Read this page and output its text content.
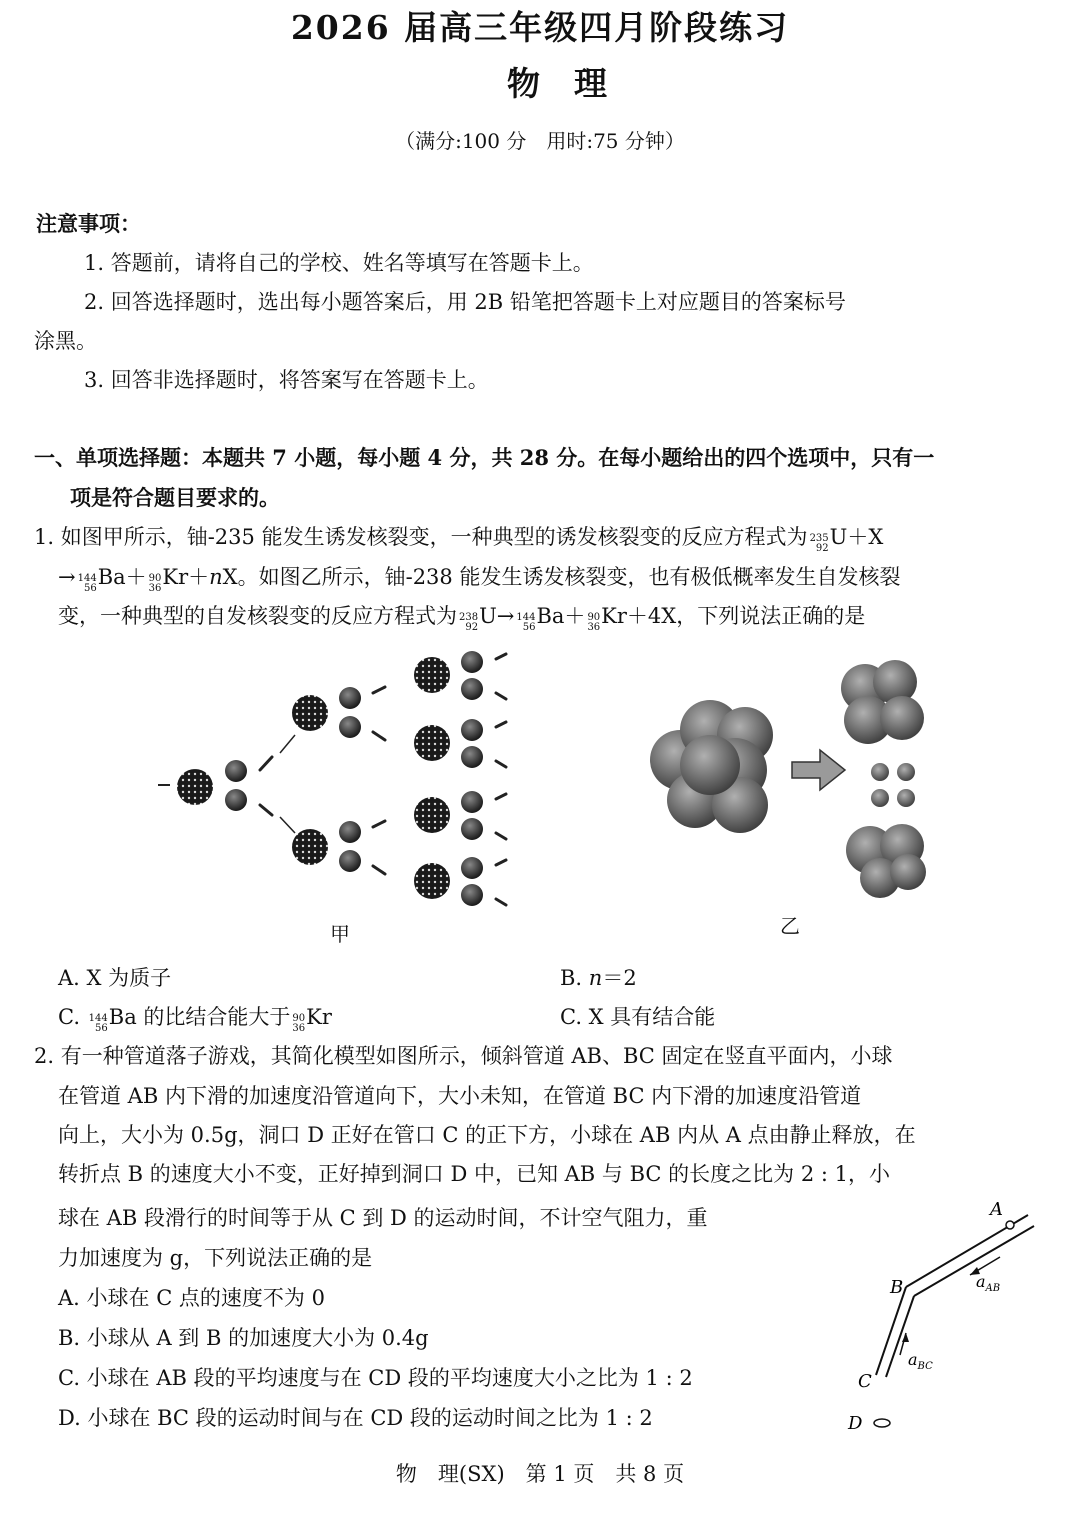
2026 届高三年级四月阶段练习
物理
（满分:100 分　用时:75 分钟）
注意事项：
1. 答题前，请将自己的学校、姓名等填写在答题卡上。
2. 回答选择题时，选出每小题答案后，用 2B 铅笔把答题卡上对应题目的答案标号
涂黑。
3. 回答非选择题时，将答案写在答题卡上。
一、单项选择题：本题共 7 小题，每小题 4 分，共 28 分。在每小题给出的四个选项中，只有一
项是符合题目要求的。
1. 如图甲所示，铀-235 能发生诱发核裂变，一种典型的诱发核裂变的反应方程式为 235
92 U＋X
→ 144
56 Ba＋ 90
36 Kr＋nX。如图乙所示，铀-238 能发生诱发核裂变，也有极低概率发生自发核裂
变，一种典型的自发核裂变的反应方程式为 238
92 U→ 144
56 Ba＋ 90
36 Kr＋4X，下列说法正确的是
甲	乙
A. X 为质子	B. n＝2
C. 144
56 Ba 的比结合能大于 90
36 Kr	C. X 具有结合能
2. 有一种管道落子游戏，其简化模型如图所示，倾斜管道 AB、BC 固定在竖直平面内，小球
在管道 AB 内下滑的加速度沿管道向下，大小未知，在管道 BC 内下滑的加速度沿管道
向上，大小为 0.5g，洞口 D 正好在管口 C 的正下方，小球在 AB 内从 A 点由静止释放，在
转折点 B 的速度大小不变，正好掉到洞口 D 中，已知 AB 与 BC 的长度之比为 2 : 1，小
球在 AB 段滑行的时间等于从 C 到 D 的运动时间，不计空气阻力，重
力加速度为 g，下列说法正确的是
A. 小球在 C 点的速度不为 0
B. 小球从 A 到 B 的加速度大小为 0.4g
C. 小球在 AB 段的平均速度与在 CD 段的平均速度大小之比为 1 : 2
D. 小球在 BC 段的运动时间与在 CD 段的运动时间之比为 1 : 2
A
B
C
D
$a_{AB}$
$a_{BC}$
物　理(SX)　第 1 页　共 8 页
